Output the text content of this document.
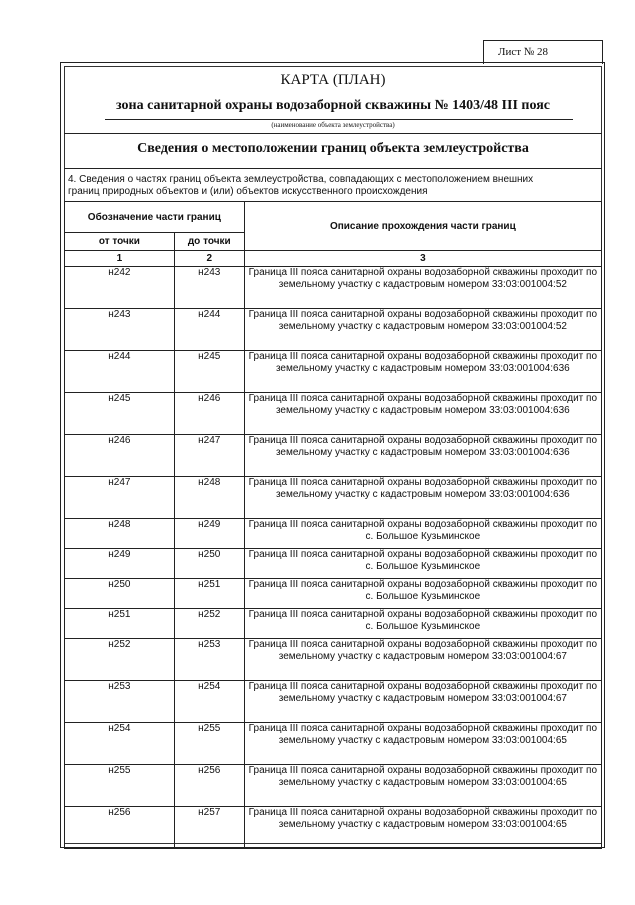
Лист № 28
КАРТА (ПЛАН)
зона санитарной охраны водозаборной скважины № 1403/48 III пояс
(наименование объекта землеустройства)
Сведения о местоположении границ объекта землеустройства
4. Сведения о частях границ объекта землеустройства, совпадающих с местоположением внешних
границ природных объектов и (или) объектов искусственного происхождения
Обозначение части границ		Описание прохождения части границ
от точки	до точки	
1	2	3
н242	н243	Граница III пояса санитарной охраны водозаборной скважины проходит по земельному участку с кадастровым номером 33:03:001004:52
н243	н244	Граница III пояса санитарной охраны водозаборной скважины проходит по земельному участку с кадастровым номером 33:03:001004:52
н244	н245	Граница III пояса санитарной охраны водозаборной скважины проходит по земельному участку с кадастровым номером 33:03:001004:636
н245	н246	Граница III пояса санитарной охраны водозаборной скважины проходит по земельному участку с кадастровым номером 33:03:001004:636
н246	н247	Граница III пояса санитарной охраны водозаборной скважины проходит по земельному участку с кадастровым номером 33:03:001004:636
н247	н248	Граница III пояса санитарной охраны водозаборной скважины проходит по земельному участку с кадастровым номером 33:03:001004:636
н248	н249	Граница III пояса санитарной охраны водозаборной скважины проходит по с. Большое Кузьминское
н249	н250	Граница III пояса санитарной охраны водозаборной скважины проходит по с. Большое Кузьминское
н250	н251	Граница III пояса санитарной охраны водозаборной скважины проходит по с. Большое Кузьминское
н251	н252	Граница III пояса санитарной охраны водозаборной скважины проходит по с. Большое Кузьминское
н252	н253	Граница III пояса санитарной охраны водозаборной скважины проходит по земельному участку с кадастровым номером 33:03:001004:67
н253	н254	Граница III пояса санитарной охраны водозаборной скважины проходит по земельному участку с кадастровым номером 33:03:001004:67
н254	н255	Граница III пояса санитарной охраны водозаборной скважины проходит по земельному участку с кадастровым номером 33:03:001004:65
н255	н256	Граница III пояса санитарной охраны водозаборной скважины проходит по земельному участку с кадастровым номером 33:03:001004:65
н256	н257	Граница III пояса санитарной охраны водозаборной скважины проходит по земельному участку с кадастровым номером 33:03:001004:65
